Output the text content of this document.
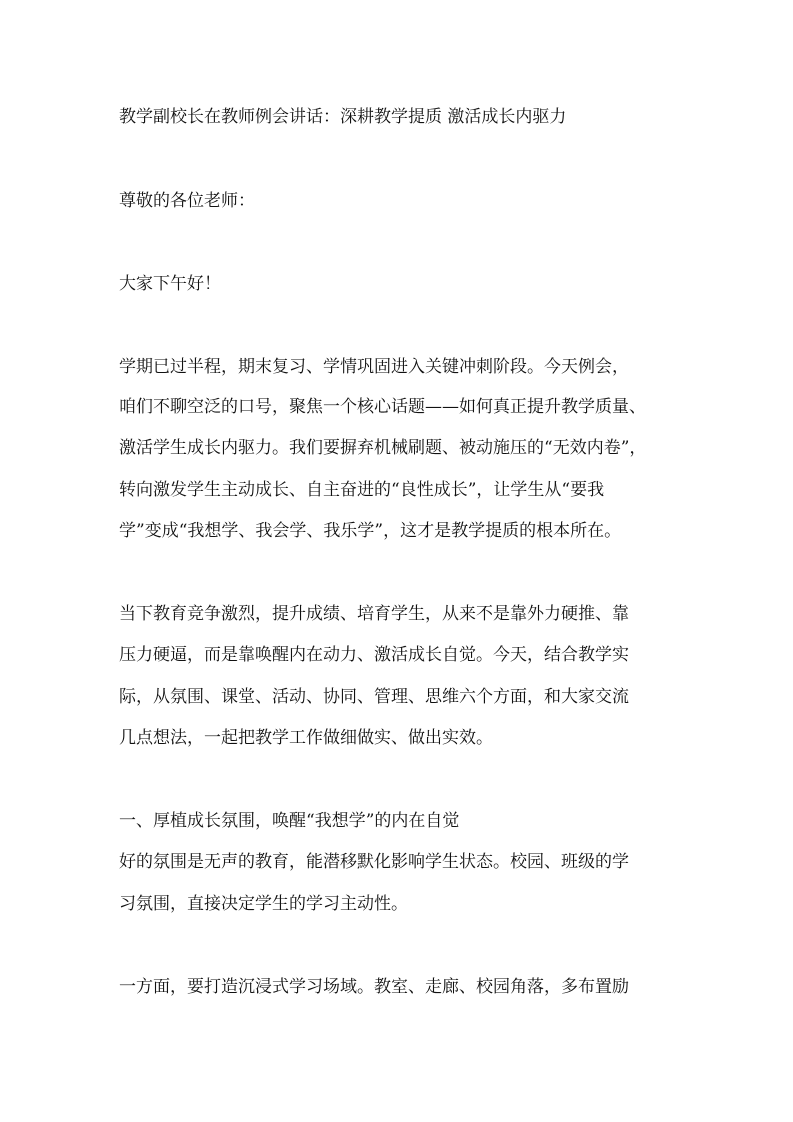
教学副校长在教师例会讲话：深耕教学提质 激活成长内驱力
尊敬的各位老师：
大家下午好！
学期已过半程，期末复习、学情巩固进入关键冲刺阶段。今天例会，
咱们不聊空泛的口号，聚焦一个核心话题——如何真正提升教学质量、
激活学生成长内驱力。我们要摒弃机械刷题、被动施压的“无效内卷”，
转向激发学生主动成长、自主奋进的“良性成长”，让学生从“要我
学”变成“我想学、我会学、我乐学”，这才是教学提质的根本所在。
当下教育竞争激烈，提升成绩、培育学生，从来不是靠外力硬推、靠
压力硬逼，而是靠唤醒内在动力、激活成长自觉。今天，结合教学实
际，从氛围、课堂、活动、协同、管理、思维六个方面，和大家交流
几点想法，一起把教学工作做细做实、做出实效。
一、厚植成长氛围，唤醒“我想学”的内在自觉
好的氛围是无声的教育，能潜移默化影响学生状态。校园、班级的学
习氛围，直接决定学生的学习主动性。
一方面，要打造沉浸式学习场域。教室、走廊、校园角落，多布置励
